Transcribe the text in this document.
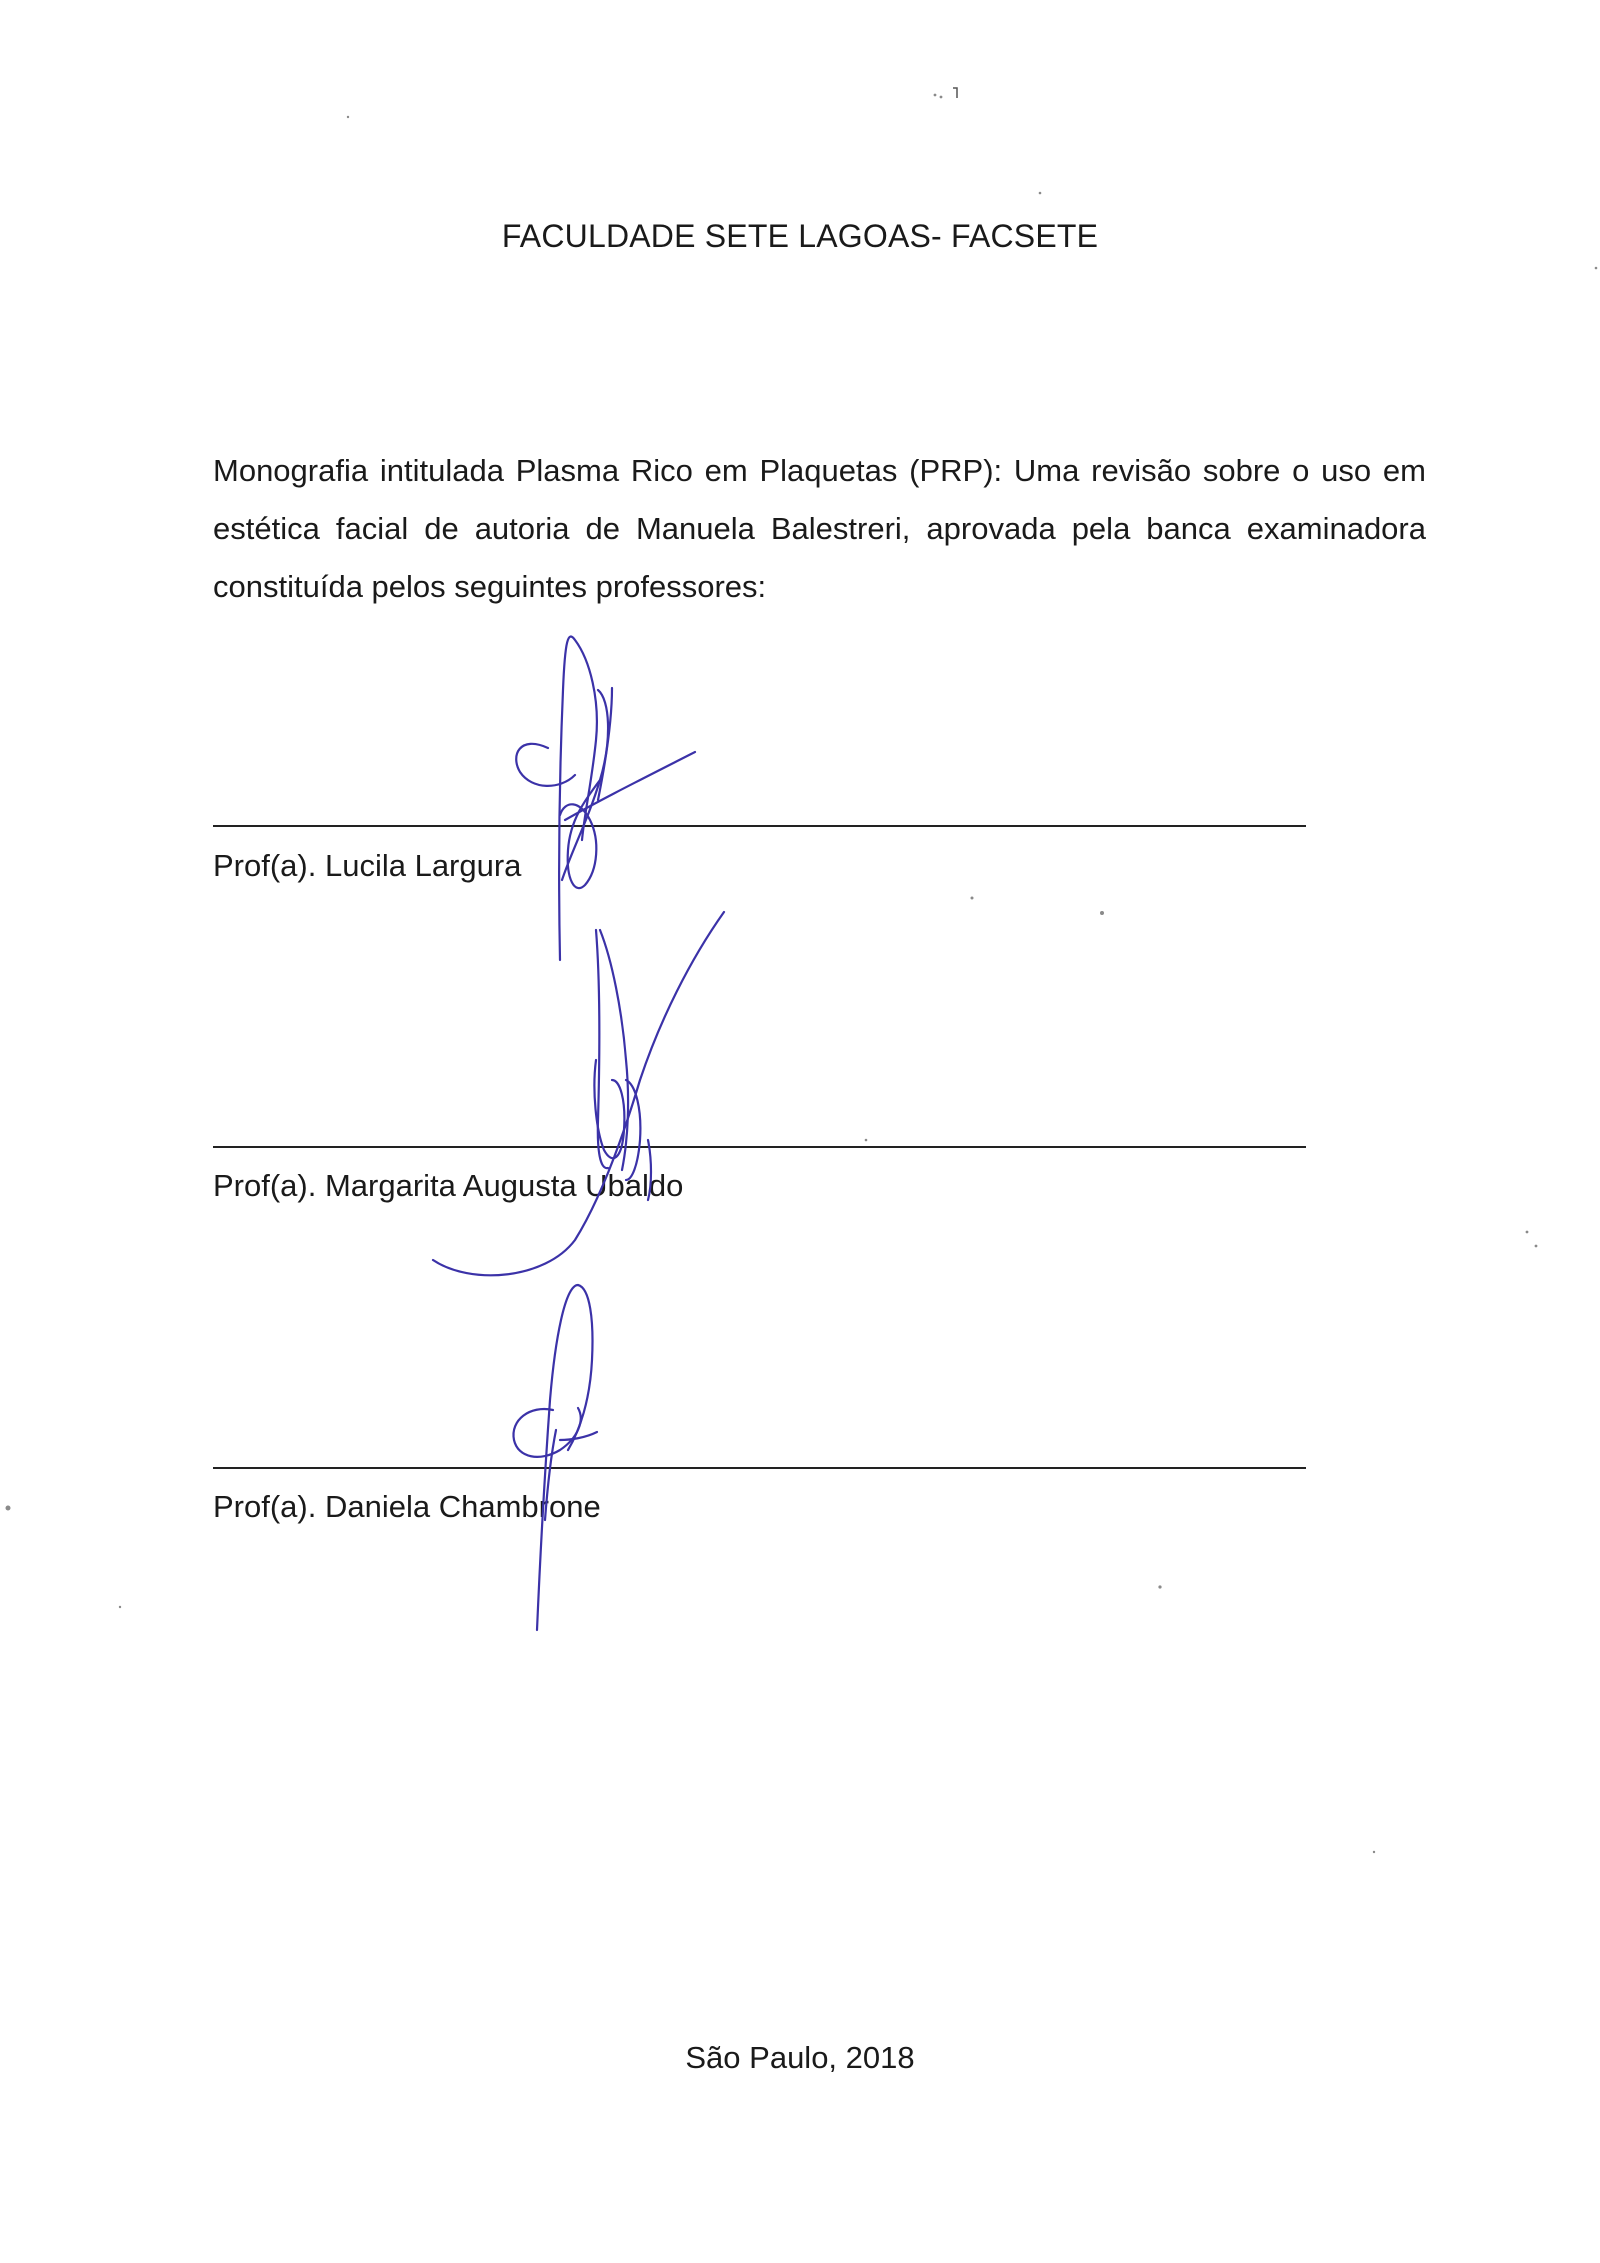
FACULDADE SETE LAGOAS- FACSETE
Monografia intitulada Plasma Rico em Plaquetas (PRP): Uma revisão sobre o uso em estética facial de autoria de Manuela Balestreri, aprovada pela banca examinadora constituída pelos seguintes professores:
Prof(a). Lucila Largura
Prof(a). Margarita Augusta Ubaldo
Prof(a). Daniela Chambrone
São Paulo, 2018
